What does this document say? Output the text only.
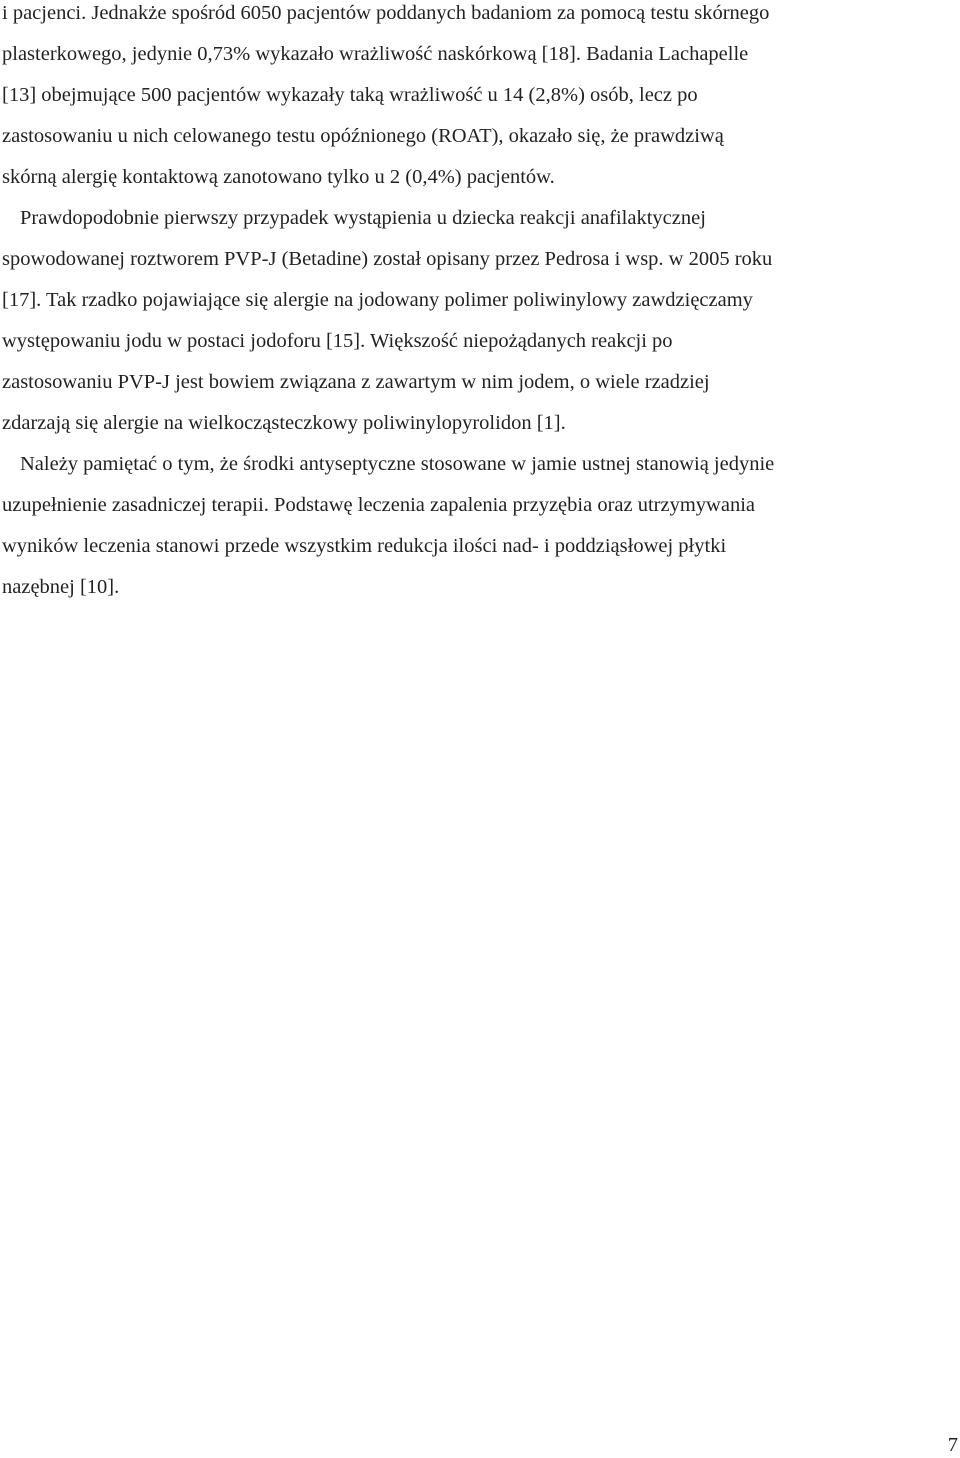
i pacjenci. Jednakże spośród 6050 pacjentów poddanych badaniom za pomocą testu skórnego
plasterkowego, jedynie 0,73% wykazało wrażliwość naskórkową [18]. Badania Lachapelle
[13] obejmujące 500 pacjentów wykazały taką wrażliwość u 14 (2,8%) osób, lecz po
zastosowaniu u nich celowanego testu opóźnionego (ROAT), okazało się, że prawdziwą
skórną alergię kontaktową zanotowano tylko u 2 (0,4%) pacjentów.
Prawdopodobnie pierwszy przypadek wystąpienia u dziecka reakcji anafilaktycznej
spowodowanej roztworem PVP-J (Betadine) został opisany przez Pedrosa i wsp. w 2005 roku
[17]. Tak rzadko pojawiające się alergie na jodowany polimer poliwinylowy zawdzięczamy
występowaniu jodu w postaci jodoforu [15]. Większość niepożądanych reakcji po
zastosowaniu PVP-J jest bowiem związana z zawartym w nim jodem, o wiele rzadziej
zdarzają się alergie na wielkocząsteczkowy poliwinylopyrolidon [1].
Należy pamiętać o tym, że środki antyseptyczne stosowane w jamie ustnej stanowią jedynie
uzupełnienie zasadniczej terapii. Podstawę leczenia zapalenia przyzębia oraz utrzymywania
wyników leczenia stanowi przede wszystkim redukcja ilości nad- i poddziąsłowej płytki
nazębnej [10].
7
